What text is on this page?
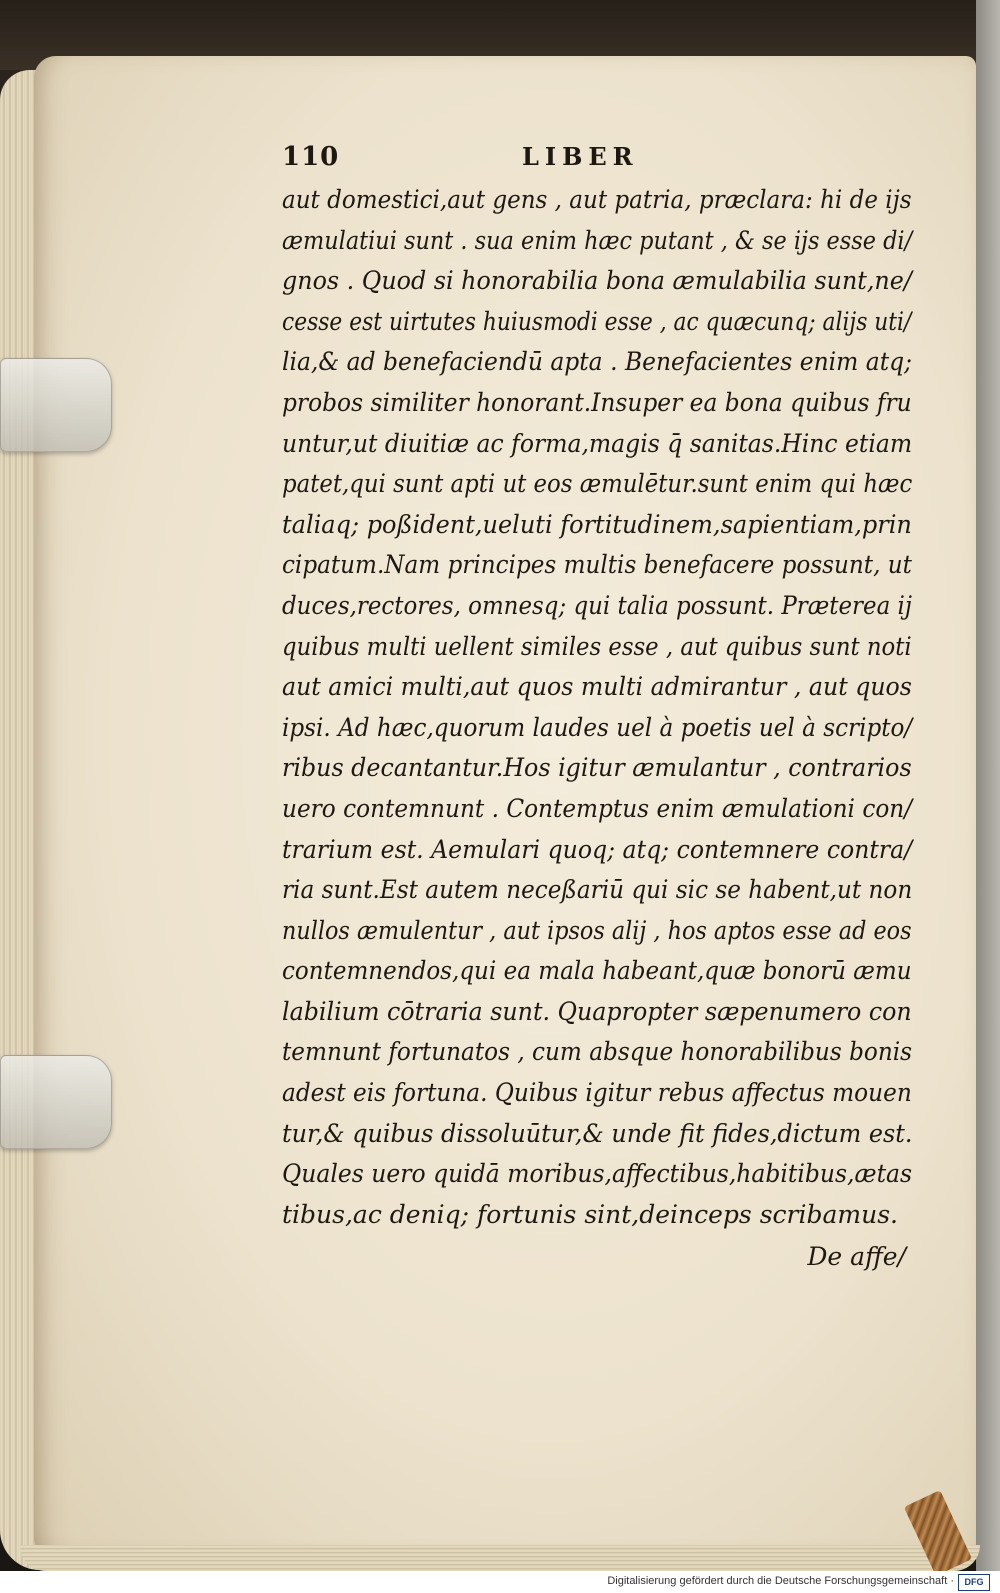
110	LIBER
aut domestici,aut gens , aut patria, præclara: hi de ijs
æmulatiui sunt . sua enim hæc putant , & se ijs esse di/
gnos . Quod si honorabilia bona æmulabilia sunt,ne/
cesse est uirtutes huiusmodi esse , ac quæcunq; alijs uti/
lia,& ad benefaciendū apta . Benefacientes enim atq;
probos similiter honorant.Insuper ea bona quibus fru
untur,ut diuitiæ ac forma,magis q̄ sanitas.Hinc etiam
patet,qui sunt apti ut eos æmulētur.sunt enim qui hæc
taliaq; poßident,ueluti fortitudinem,sapientiam,prin
cipatum.Nam principes multis benefacere possunt, ut
duces,rectores, omnesq; qui talia possunt. Præterea ij
quibus multi uellent similes esse , aut quibus sunt noti
aut amici multi,aut quos multi admirantur , aut quos
ipsi. Ad hæc,quorum laudes uel à poetis uel à scripto/
ribus decantantur.Hos igitur æmulantur , contrarios
uero contemnunt . Contemptus enim æmulationi con/
trarium est. Aemulari quoq; atq; contemnere contra/
ria sunt.Est autem neceßariū qui sic se habent,ut non
nullos æmulentur , aut ipsos alij , hos aptos esse ad eos
contemnendos,qui ea mala habeant,quæ bonorū æmu
labilium cōtraria sunt. Quapropter sæpenumero con
temnunt fortunatos , cum absque honorabilibus bonis
adest eis fortuna. Quibus igitur rebus affectus mouen
tur,& quibus dissoluūtur,& unde fit fides,dictum est.
Quales uero quidā moribus,affectibus,habitibus,ætas
tibus,ac deniq; fortunis sint,deinceps scribamus.
De affe/
Digitalisierung gefördert durch die Deutsche Forschungsgemeinschaft ·	DFG
